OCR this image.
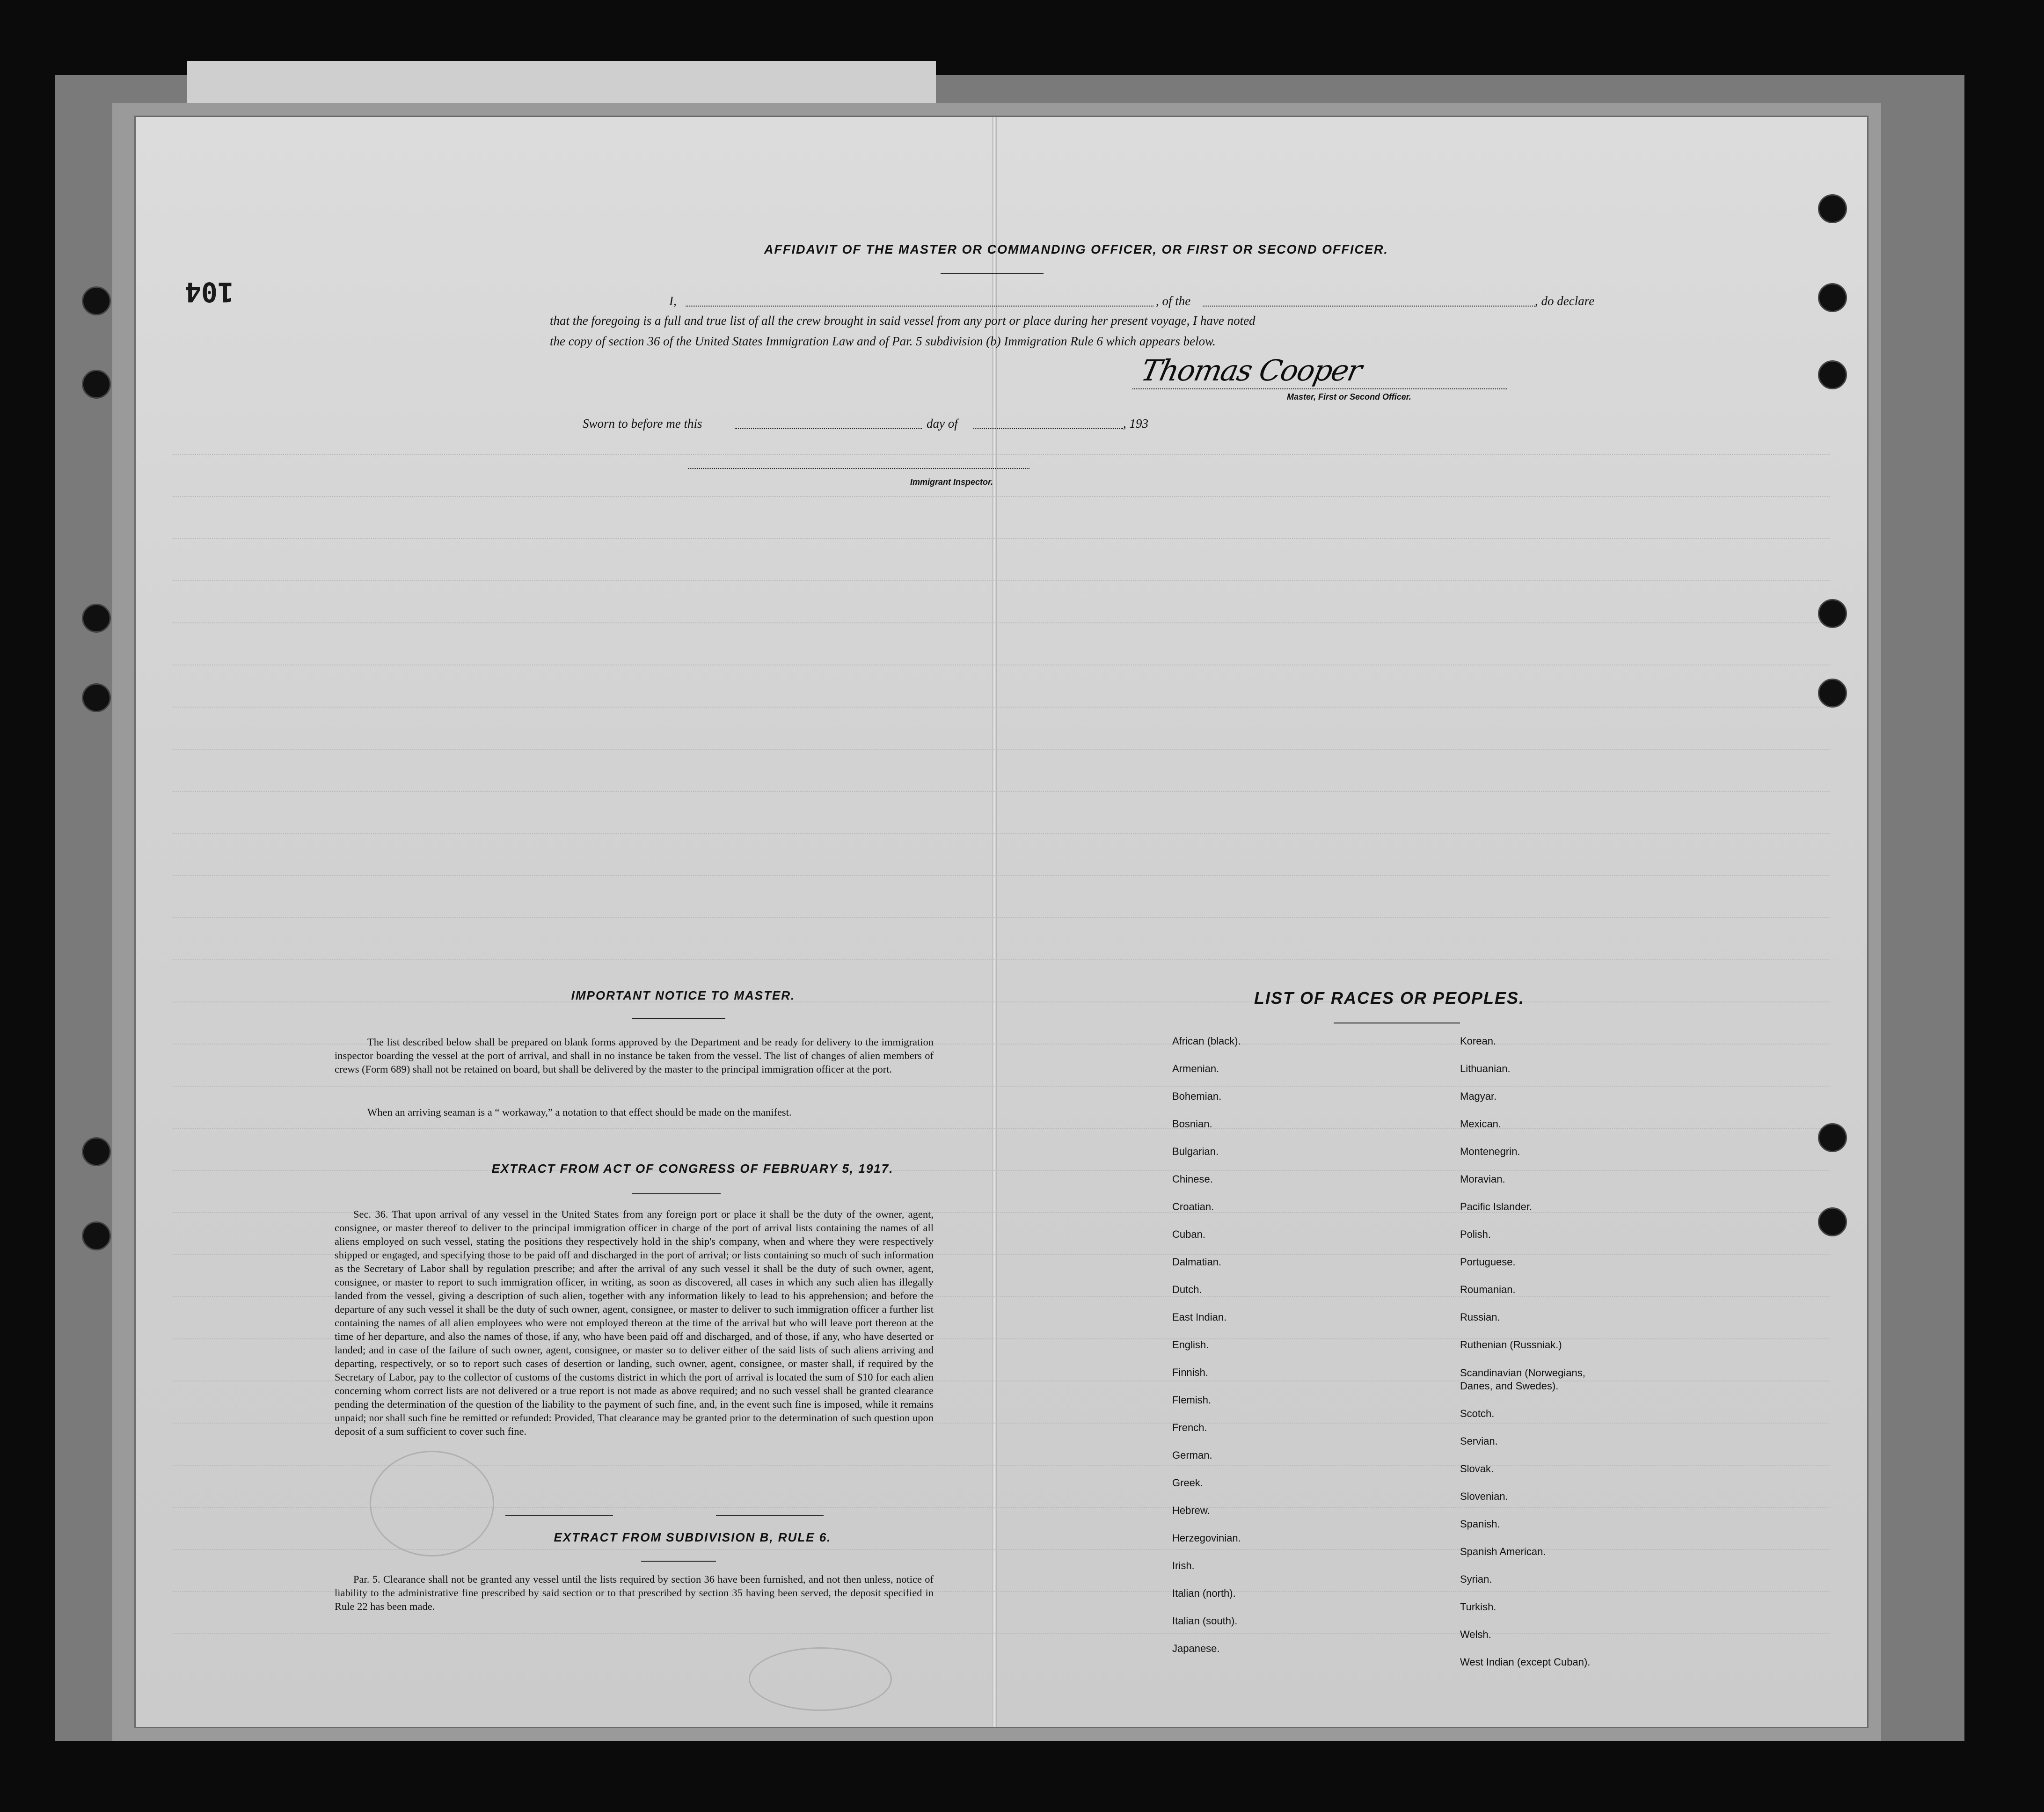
104
AFFIDAVIT OF THE MASTER OR COMMANDING OFFICER, OR FIRST OR SECOND OFFICER.
I,	, of the	, do declare
that the foregoing is a full and true list of all the crew brought in said vessel from any port or place during her present voyage, I have noted
the copy of section 36 of the United States Immigration Law and of Par. 5 subdivision (b) Immigration Rule 6 which appears below.
Thomas Cooper
Master, First or Second Officer.
Sworn to before me this	day of	, 193
Immigrant Inspector.
IMPORTANT NOTICE TO MASTER.
The list described below shall be prepared on blank forms approved by the Department and be ready for delivery to the immigration inspector boarding the vessel at the port of arrival, and shall in no instance be taken from the vessel. The list of changes of alien members of crews (Form 689) shall not be retained on board, but shall be delivered by the master to the principal immigration officer at the port.
When an arriving seaman is a “ workaway,” a notation to that effect should be made on the manifest.
EXTRACT FROM ACT OF CONGRESS OF FEBRUARY 5, 1917.
Sec. 36. That upon arrival of any vessel in the United States from any foreign port or place it shall be the duty of the owner, agent, consignee, or master thereof to deliver to the principal immigration officer in charge of the port of arrival lists containing the names of all aliens employed on such vessel, stating the positions they respectively hold in the ship's company, when and where they were respectively shipped or engaged, and specifying those to be paid off and discharged in the port of arrival; or lists containing so much of such information as the Secretary of Labor shall by regulation prescribe; and after the arrival of any such vessel it shall be the duty of such owner, agent, consignee, or master to report to such immigration officer, in writing, as soon as discovered, all cases in which any such alien has illegally landed from the vessel, giving a description of such alien, together with any information likely to lead to his apprehension; and before the departure of any such vessel it shall be the duty of such owner, agent, consignee, or master to deliver to such immigration officer a further list containing the names of all alien employees who were not employed thereon at the time of the arrival but who will leave port thereon at the time of her departure, and also the names of those, if any, who have been paid off and discharged, and of those, if any, who have deserted or landed; and in case of the failure of such owner, agent, consignee, or master so to deliver either of the said lists of such aliens arriving and departing, respectively, or so to report such cases of desertion or landing, such owner, agent, consignee, or master shall, if required by the Secretary of Labor, pay to the collector of customs of the customs district in which the port of arrival is located the sum of $10 for each alien concerning whom correct lists are not delivered or a true report is not made as above required; and no such vessel shall be granted clearance pending the determination of the question of the liability to the payment of such fine, and, in the event such fine is imposed, while it remains unpaid; nor shall such fine be remitted or refunded: Provided, That clearance may be granted prior to the determination of such question upon deposit of a sum sufficient to cover such fine.
EXTRACT FROM SUBDIVISION B, RULE 6.
Par. 5. Clearance shall not be granted any vessel until the lists required by section 36 have been furnished, and not then unless, notice of liability to the administrative fine prescribed by said section or to that prescribed by section 35 having been served, the deposit specified in Rule 22 has been made.
LIST OF RACES OR PEOPLES.
African (black).
Armenian.
Bohemian.
Bosnian.
Bulgarian.
Chinese.
Croatian.
Cuban.
Dalmatian.
Dutch.
East Indian.
English.
Finnish.
Flemish.
French.
German.
Greek.
Hebrew.
Herzegovinian.
Irish.
Italian (north).
Italian (south).
Japanese.
Korean.
Lithuanian.
Magyar.
Mexican.
Montenegrin.
Moravian.
Pacific Islander.
Polish.
Portuguese.
Roumanian.
Russian.
Ruthenian (Russniak.)
Scandinavian (Norwegians, Danes, and Swedes).
Scotch.
Servian.
Slovak.
Slovenian.
Spanish.
Spanish American.
Syrian.
Turkish.
Welsh.
West Indian (except Cuban).
